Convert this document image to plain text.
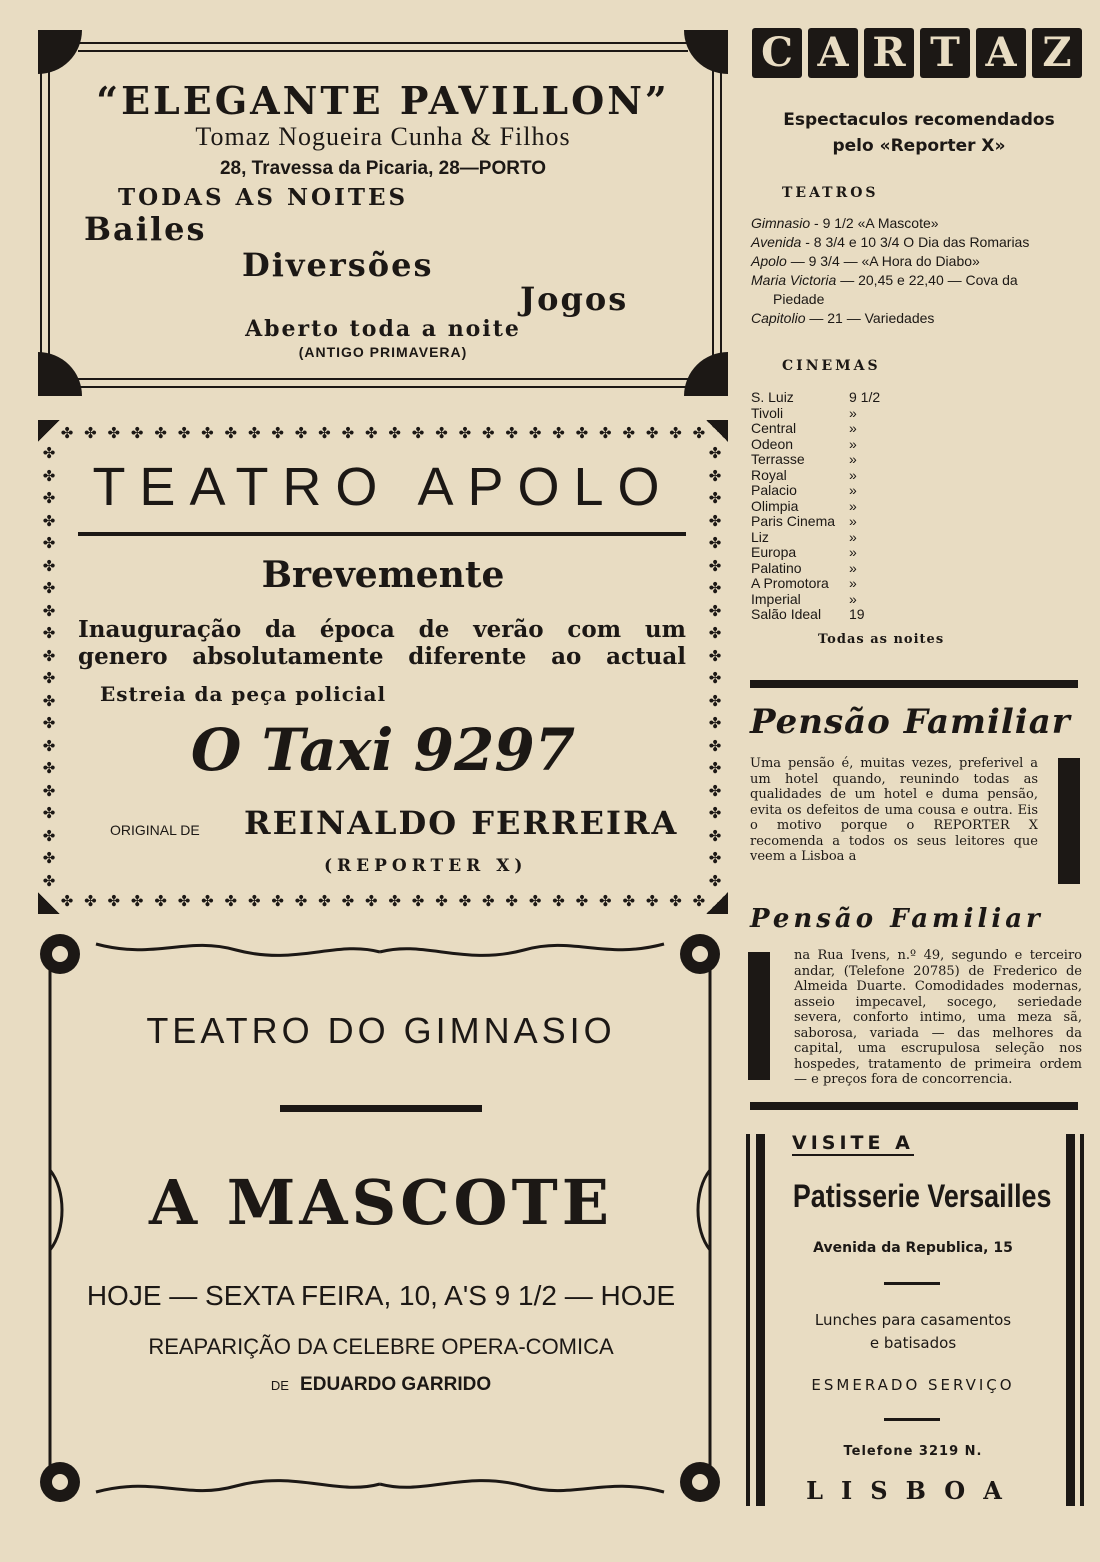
“ELEGANTE PAVILLON”
Tomaz Nogueira Cunha & Filhos
28, Travessa da Picaria, 28—PORTO
TODAS AS NOITES
Bailes
Diversões
Jogos
Aberto toda a noite
(ANTIGO PRIMAVERA)
✤ ✤ ✤ ✤ ✤ ✤ ✤ ✤ ✤ ✤ ✤ ✤ ✤ ✤ ✤ ✤ ✤ ✤ ✤ ✤ ✤ ✤ ✤ ✤ ✤ ✤ ✤ ✤
✤ ✤ ✤ ✤ ✤ ✤ ✤ ✤ ✤ ✤ ✤ ✤ ✤ ✤ ✤ ✤ ✤ ✤ ✤ ✤ ✤ ✤ ✤ ✤ ✤ ✤ ✤ ✤
✤
✤
✤
✤
✤
✤
✤
✤
✤
✤
✤
✤
✤
✤
✤
✤
✤
✤
✤
✤
✤
✤
✤
✤
✤
✤
✤
✤
✤
✤
✤
✤
✤
✤
✤
✤
✤
✤
✤
✤
TEATRO APOLO
Brevemente
Inauguração da época de verão com um
genero absolutamente diferente ao actual
Estreia da peça policial
O Taxi 9297
ORIGINAL DE REINALDO FERREIRA
(REPORTER X)
TEATRO DO GIMNASIO
A MASCOTE
HOJE — SEXTA FEIRA, 10, A'S 9 1/2 — HOJE
REAPARIÇÃO DA CELEBRE OPERA-COMICA
DE EDUARDO GARRIDO
C A R T A Z
Espectaculos recomendados
pelo «Reporter X»
TEATROS
Gimnasio - 9 1/2 «A Mascote»
Avenida - 8 3/4 e 10 3/4 O Dia das Romarias
Apolo — 9 3/4 — «A Hora do Diabo»
Maria Victoria — 20,45 e 22,40 — Cova da
Piedade
Capitolio — 21 — Variedades
CINEMAS
S. Luiz	9 1/2
Tivoli	»
Central	»
Odeon	»
Terrasse	»
Royal	»
Palacio	»
Olimpia	»
Paris Cinema »
Liz	»
Europa	»
Palatino	»
A Promotora »
Imperial	»
Salão Ideal 19
Todas as noites
Pensão Familiar
Uma pensão é, muitas vezes, preferivel a um hotel quando, reunindo todas as qualidades de um hotel e duma pensão, evita os defeitos de uma cousa e outra. Eis o motivo porque o REPORTER X recomenda a todos os seus leitores que veem a Lisboa a
Pensão Familiar
na Rua Ivens, n.º 49, segundo e terceiro andar, (Telefone 20785) de Frederico de Almeida Duarte. Comodidades modernas, asseio impecavel, socego, seriedade severa, conforto intimo, uma meza sã, saborosa, variada — das melhores da capital, uma escrupulosa seleção nos hospedes, tratamento de primeira ordem — e preços fora de concorrencia.
VISITE A
Patisserie Versailles
Avenida da Republica, 15
Lunches para casamentos
e batisados
ESMERADO SERVIÇO
Telefone 3219 N.
LISBOA
